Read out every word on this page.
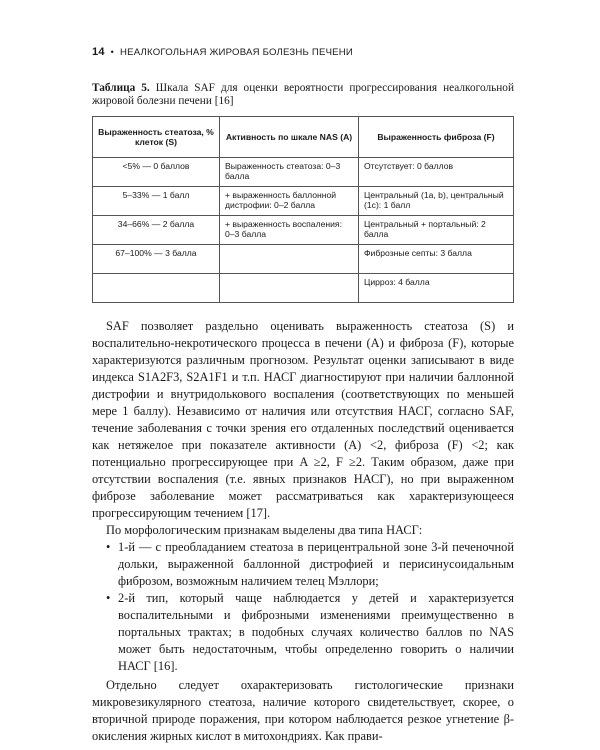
14 • НЕАЛКОГОЛЬНАЯ ЖИРОВАЯ БОЛЕЗНЬ ПЕЧЕНИ
Таблица 5. Шкала SAF для оценки вероятности прогрессирования неалкогольной жировой болезни печени [16]
Выраженность стеатоза, % клеток (S)	Активность по шкале NAS (A)	Выраженность фиброза (F)
<5% — 0 баллов	Выраженность стеатоза: 0–3 балла	Отсутствует: 0 баллов
5–33% — 1 балл	+ выраженность баллонной дистрофии: 0–2 балла	Центральный (1a, b), центральный (1c): 1 балл
34–66% — 2 балла	+ выраженность воспаления: 0–3 балла	Центральный + портальный: 2 балла
67–100% — 3 балла		Фиброзные септы: 3 балла
		Цирроз: 4 балла

SAF позволяет раздельно оценивать выраженность стеатоза (S) и воспалительно-некротического процесса в печени (A) и фиброза (F), которые характеризуются различным прогнозом. Результат оценки записывают в виде индекса S1A2F3, S2A1F1 и т.п. НАСГ диагностируют при наличии баллонной дистрофии и внутридолькового воспаления (соответствующих по меньшей мере 1 баллу). Независимо от наличия или отсутствия НАСГ, согласно SAF, течение заболевания с точки зрения его отдаленных последствий оценивается как нетяжелое при показателе активности (A) <2, фиброза (F) <2; как потенциально прогрессирующее при A ≥2, F ≥2. Таким образом, даже при отсутствии воспаления (т.е. явных признаков НАСГ), но при выраженном фиброзе заболевание может рассматриваться как характеризующееся прогрессирующим течением [17].

По морфологическим признакам выделены два типа НАСГ:

• 1-й — с преобладанием стеатоза в перицентральной зоне 3-й печеночной дольки, выраженной баллонной дистрофией и перисинусоидальным фиброзом, возможным наличием телец Мэллори;
• 2-й тип, который чаще наблюдается у детей и характеризуется воспалительными и фиброзными изменениями преимущественно в портальных трактах; в подобных случаях количество баллов по NAS может быть недостаточным, чтобы определенно говорить о наличии НАСГ [16].

Отдельно следует охарактеризовать гистологические признаки микровезикулярного стеатоза, наличие которого свидетельствует, скорее, о вторичной природе поражения, при котором наблюдается резкое угнетение β-окисления жирных кислот в митохондриях. Как прави-
